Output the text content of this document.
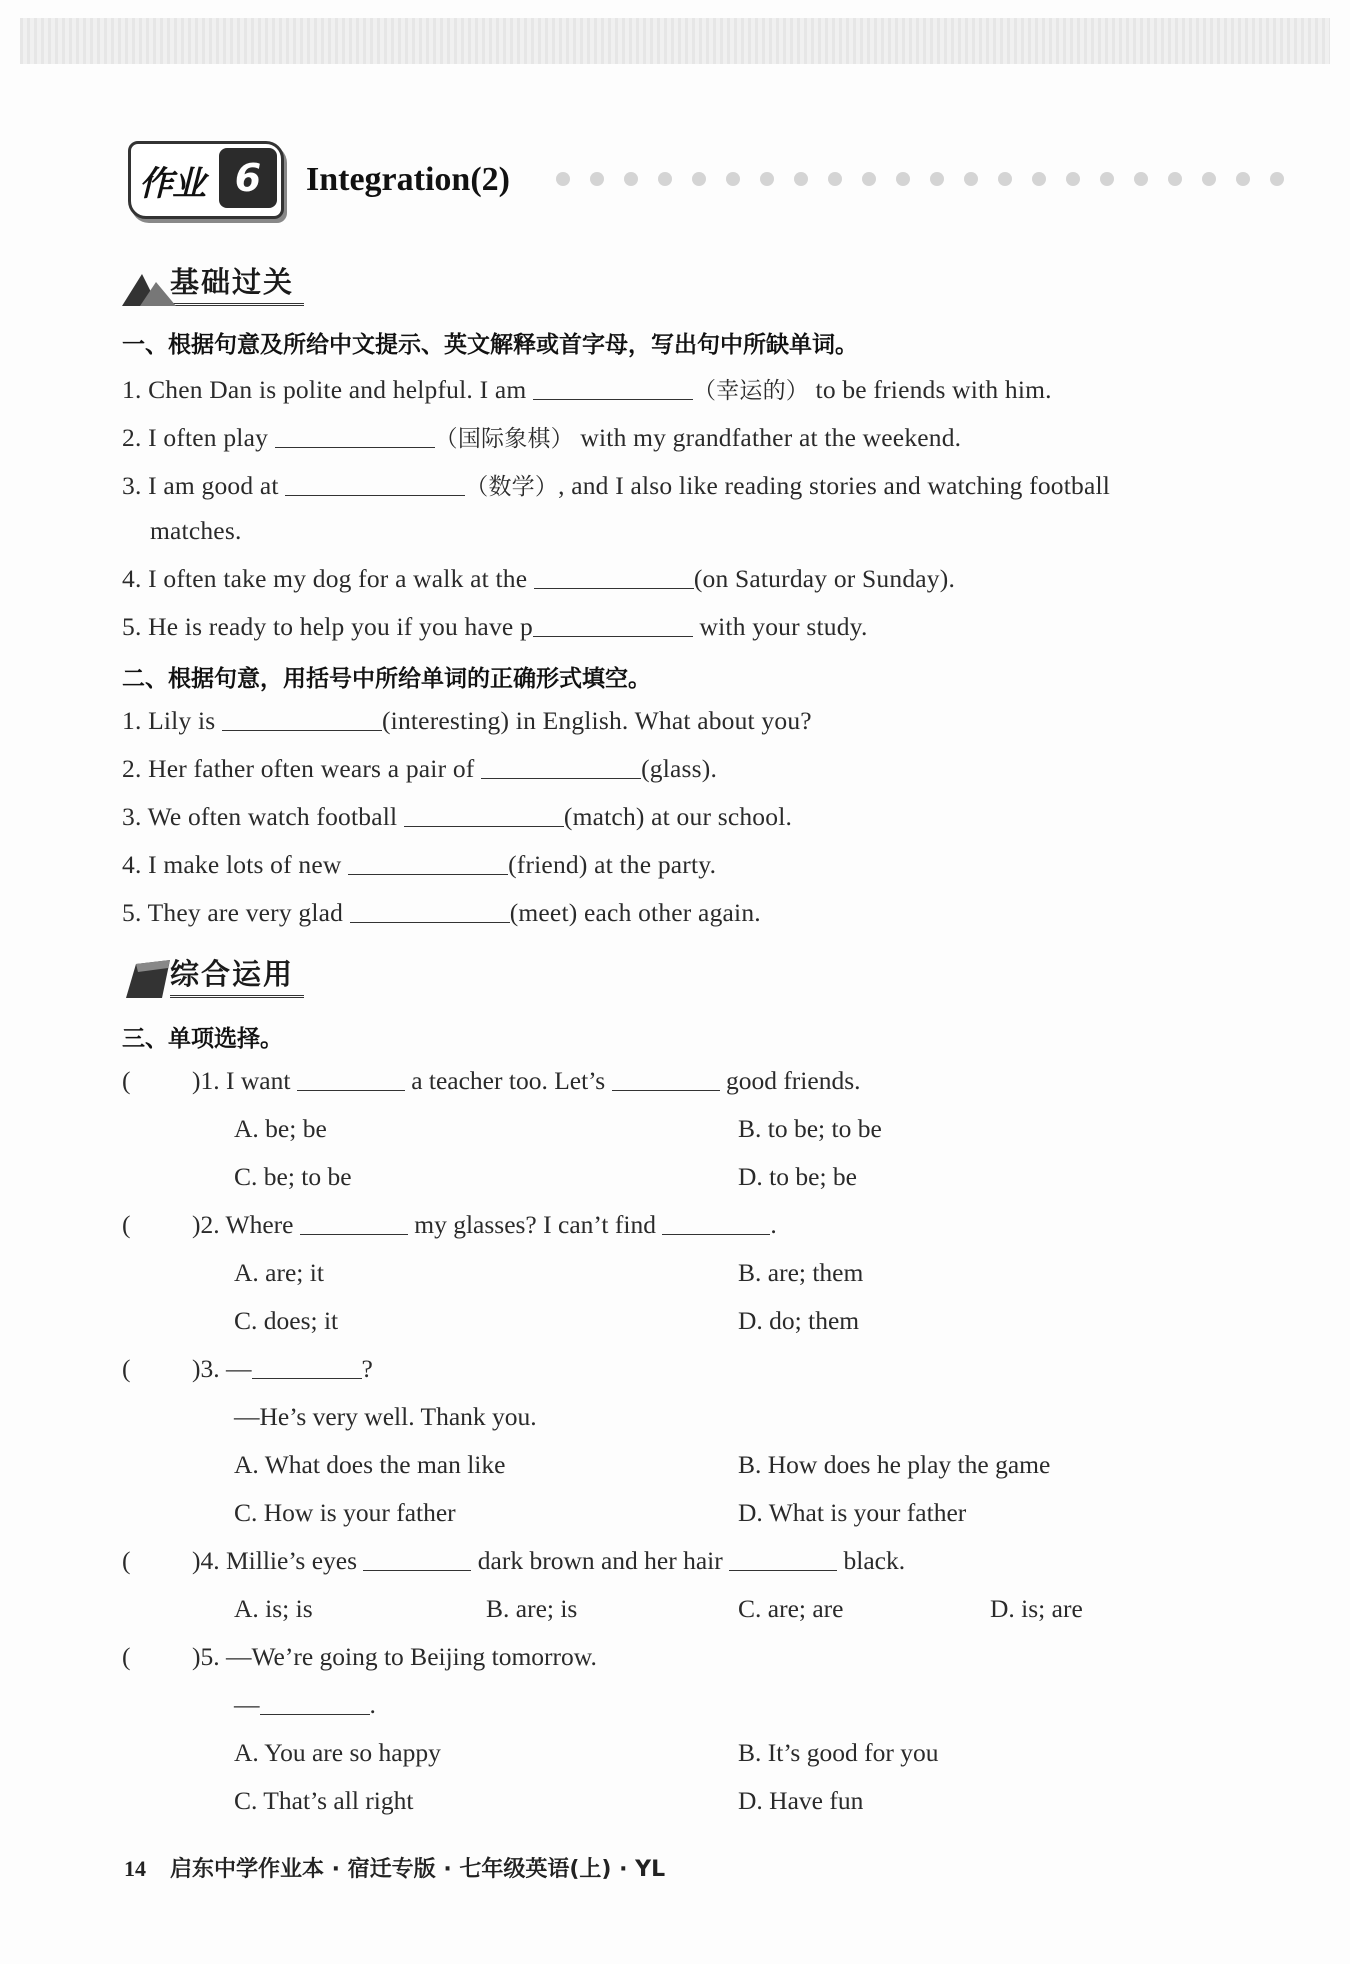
作业 6	Integration(2)
基础过关
一、根据句意及所给中文提示、英文解释或首字母，写出句中所缺单词。
1. Chen Dan is polite and helpful. I am	（幸运的） to be friends with him.
2. I often play	（国际象棋） with my grandfather at the weekend.
3. I am good at	（数学）, and I also like reading stories and watching football
matches.
4. I often take my dog for a walk at the	(on Saturday or Sunday).
5. He is ready to help you if you have p	with your study.
二、根据句意，用括号中所给单词的正确形式填空。
1. Lily is	(interesting) in English. What about you?
2. Her father often wears a pair of	(glass).
3. We often watch football	(match) at our school.
4. I make lots of new	(friend) at the party.
5. They are very glad	(meet) each other again.
综合运用
三、单项选择。
( )1. I want	a teacher too. Let’s	good friends.
A. be; be	B. to be; to be
C. be; to be	D. to be; be
( )2. Where	my glasses? I can’t find	.
A. are; it	B. are; them
C. does; it	D. do; them
( )3. —	?
—He’s very well. Thank you.
A. What does the man like	B. How does he play the game
C. How is your father	D. What is your father
( )4. Millie’s eyes	dark brown and her hair	black.
A. is; is	B. are; is	C. are; are	D. is; are
( )5. —We’re going to Beijing tomorrow.
—	.
A. You are so happy	B. It’s good for you
C. That’s all right	D. Have fun
14 启东中学作业本 · 宿迁专版 · 七年级英语(上) · YL
